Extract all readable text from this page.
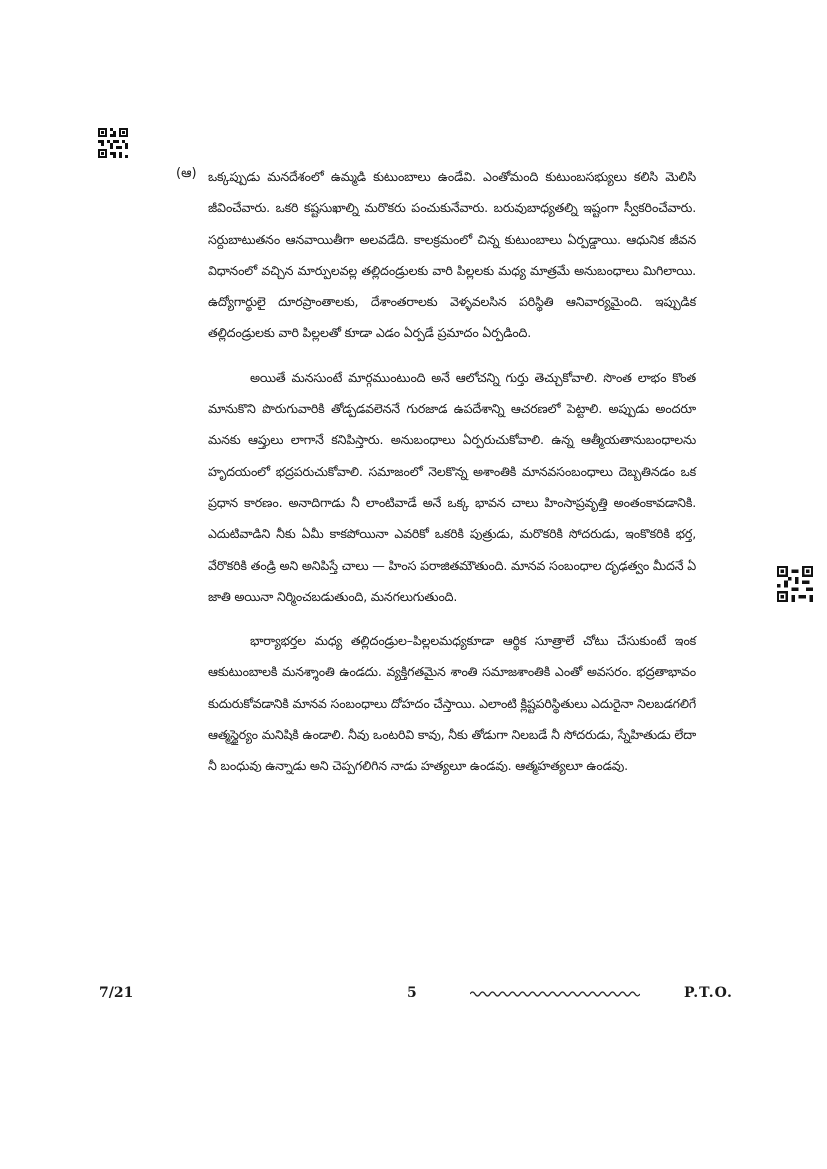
(ఆ) ఒక్కప్పుడు మనదేశంలో ఉమ్మడి కుటుంబాలు ఉండేవి. ఎంతోమంది కుటుంబసభ్యులు కలిసి మెలిసి జీవించేవారు. ఒకరి కష్టసుఖాల్ని మరొకరు పంచుకునేవారు. బరువుబాధ్యతల్ని ఇష్టంగా స్వీకరించేవారు. సర్దుబాటుతనం ఆనవాయితీగా అలవడేది. కాలక్రమంలో చిన్న కుటుంబాలు ఏర్పడ్డాయి. ఆధునిక జీవన విధానంలో వచ్చిన మార్పులవల్ల తల్లిదండ్రులకు వారి పిల్లలకు మధ్య మాత్రమే అనుబంధాలు మిగిలాయి. ఉద్యోగార్థులై దూరప్రాంతాలకు, దేశాంతరాలకు వెళ్ళవలసిన పరిస్థితి ఆనివార్యమైంది. ఇప్పుడిక తల్లిదండ్రులకు వారి పిల్లలతో కూడా ఎడం ఏర్పడే ప్రమాదం ఏర్పడింది.

అయితే మనసుంటే మార్గముంటుంది అనే ఆలోచన్ని గుర్తు తెచ్చుకోవాలి. సొంత లాభం కొంత మానుకొని పొరుగువారికి తోడ్పడవలెననే గురజాడ ఉపదేశాన్ని ఆచరణలో పెట్టాలి. అప్పుడు అందరూ మనకు ఆప్తులు లాగానే కనిపిస్తారు. అనుబంధాలు ఏర్పరుచుకోవాలి. ఉన్న ఆత్మీయతానుబంధాలను హృదయంలో భద్రపరుచుకోవాలి. సమాజంలో నెలకొన్న అశాంతికి మానవసంబంధాలు దెబ్బతినడం ఒక ప్రధాన కారణం. అనాదిగాడు నీ లాంటివాడే అనే ఒక్క భావన చాలు హింసాప్రవృత్తి అంతంకావడానికి. ఎదుటివాడిని నీకు ఏమీ కాకపోయినా ఎవరికో ఒకరికి పుత్రుడు, మరొకరికి సోదరుడు, ఇంకొకరికి భర్త, వేరొకరికి తండ్రి అని అనిపిస్తే చాలు — హింస పరాజితమౌతుంది. మానవ సంబంధాల దృఢత్వం మీదనే ఏ జాతి అయినా నిర్మించబడుతుంది, మనగలుగుతుంది.

భార్యాభర్తల మధ్య తల్లిదండ్రుల–పిల్లలమధ్యకూడా ఆర్థిక సూత్రాలే చోటు చేసుకుంటే ఇంక ఆకుటుంబాలకి మనశ్శాంతి ఉండదు. వ్యక్తిగతమైన శాంతి సమాజశాంతికి ఎంతో అవసరం. భద్రతాభావం కుదురుకోవడానికి మానవ సంబంధాలు దోహదం చేస్తాయి. ఎలాంటి క్లిష్టపరిస్థితులు ఎదురైనా నిలబడగలిగే ఆత్మస్థైర్యం మనిషికి ఉండాలి. నీవు ఒంటరివి కావు, నీకు తోడుగా నిలబడే నీ సోదరుడు, స్నేహితుడు లేదా నీ బంధువు ఉన్నాడు అని చెప్పగలిగిన నాడు హత్యలూ ఉండవు. ఆత్మహత్యలూ ఉండవు.

7/21	5	P.T.O.
